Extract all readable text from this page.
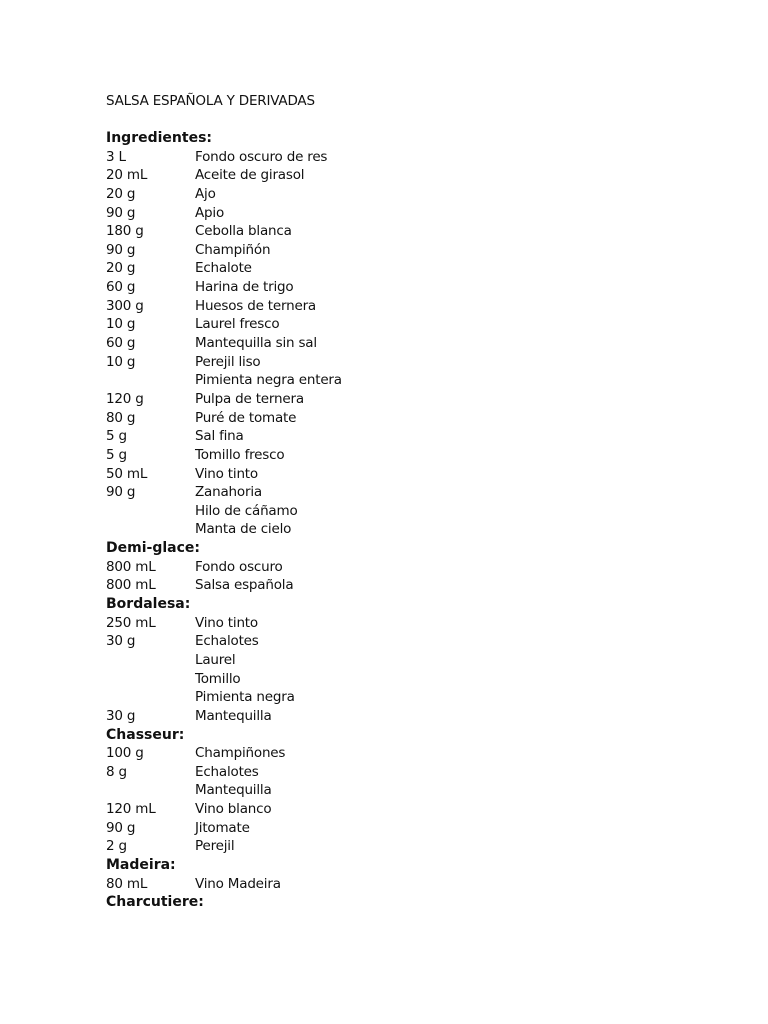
SALSA ESPAÑOLA Y DERIVADAS
Ingredientes:
3 L	Fondo oscuro de res
20 mL	Aceite de girasol
20 g	Ajo
90 g	Apio
180 g	Cebolla blanca
90 g	Champiñón
20 g	Echalote
60 g	Harina de trigo
300 g	Huesos de ternera
10 g	Laurel fresco
60 g	Mantequilla sin sal
10 g	Perejil liso
Pimienta negra entera
120 g	Pulpa de ternera
80 g	Puré de tomate
5 g	Sal fina
5 g	Tomillo fresco
50 mL	Vino tinto
90 g	Zanahoria
Hilo de cáñamo
Manta de cielo
Demi-glace:
800 mL	Fondo oscuro
800 mL	Salsa española
Bordalesa:
250 mL	Vino tinto
30 g	Echalotes
Laurel
Tomillo
Pimienta negra
30 g	Mantequilla
Chasseur:
100 g	Champiñones
8 g	Echalotes
Mantequilla
120 mL	Vino blanco
90 g	Jitomate
2 g	Perejil
Madeira:
80 mL	Vino Madeira
Charcutiere:
